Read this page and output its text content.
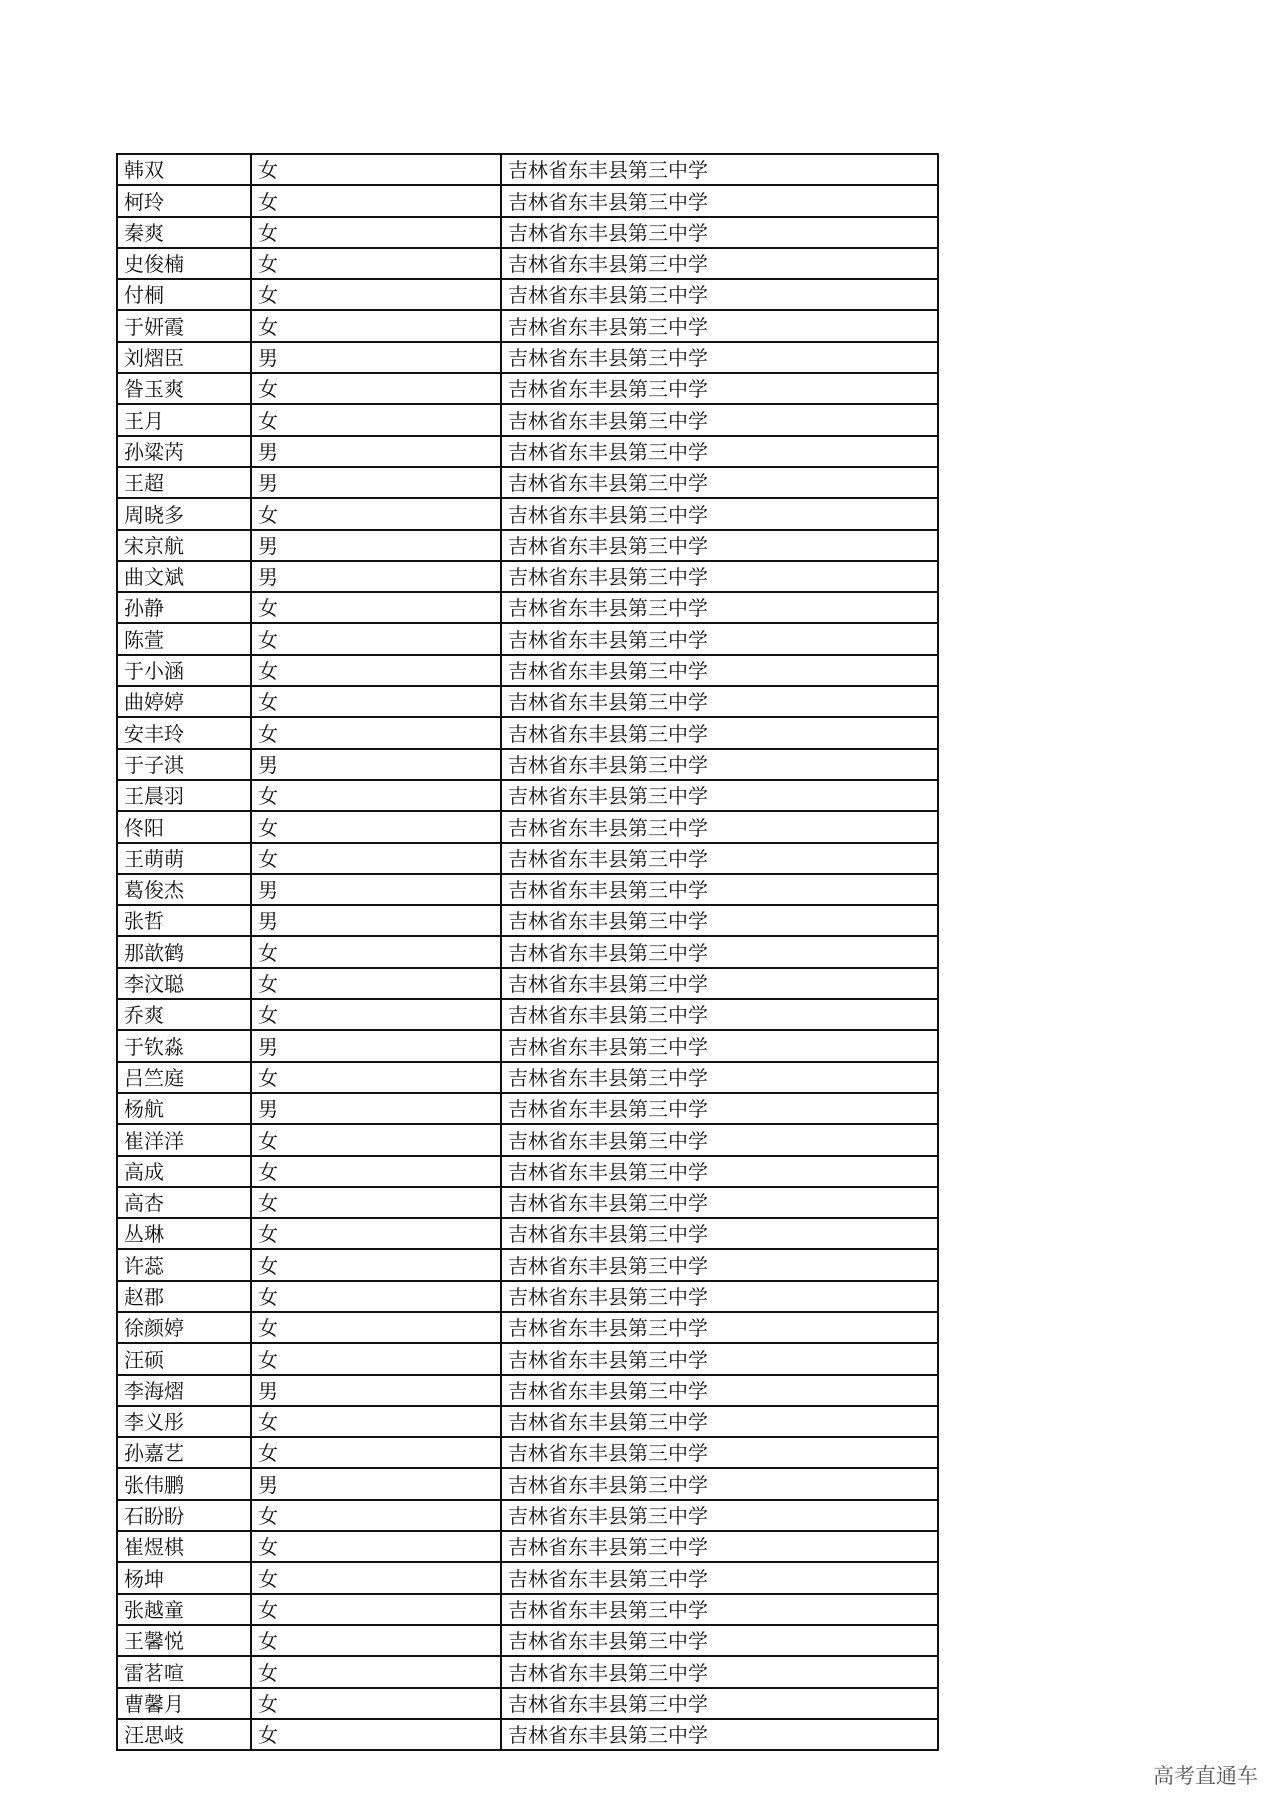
韩双	女	吉林省东丰县第三中学
柯玲	女	吉林省东丰县第三中学
秦爽	女	吉林省东丰县第三中学
史俊楠	女	吉林省东丰县第三中学
付桐	女	吉林省东丰县第三中学
于妍霞	女	吉林省东丰县第三中学
刘熠臣	男	吉林省东丰县第三中学
昝玉爽	女	吉林省东丰县第三中学
王月	女	吉林省东丰县第三中学
孙粱芮	男	吉林省东丰县第三中学
王超	男	吉林省东丰县第三中学
周晓多	女	吉林省东丰县第三中学
宋京航	男	吉林省东丰县第三中学
曲文斌	男	吉林省东丰县第三中学
孙静	女	吉林省东丰县第三中学
陈萱	女	吉林省东丰县第三中学
于小涵	女	吉林省东丰县第三中学
曲婷婷	女	吉林省东丰县第三中学
安丰玲	女	吉林省东丰县第三中学
于子淇	男	吉林省东丰县第三中学
王晨羽	女	吉林省东丰县第三中学
佟阳	女	吉林省东丰县第三中学
王萌萌	女	吉林省东丰县第三中学
葛俊杰	男	吉林省东丰县第三中学
张哲	男	吉林省东丰县第三中学
那歆鹤	女	吉林省东丰县第三中学
李汶聪	女	吉林省东丰县第三中学
乔爽	女	吉林省东丰县第三中学
于钦淼	男	吉林省东丰县第三中学
吕竺庭	女	吉林省东丰县第三中学
杨航	男	吉林省东丰县第三中学
崔洋洋	女	吉林省东丰县第三中学
高成	女	吉林省东丰县第三中学
高杏	女	吉林省东丰县第三中学
丛琳	女	吉林省东丰县第三中学
许蕊	女	吉林省东丰县第三中学
赵郡	女	吉林省东丰县第三中学
徐颜婷	女	吉林省东丰县第三中学
汪硕	女	吉林省东丰县第三中学
李海熠	男	吉林省东丰县第三中学
李义彤	女	吉林省东丰县第三中学
孙嘉艺	女	吉林省东丰县第三中学
张伟鹏	男	吉林省东丰县第三中学
石盼盼	女	吉林省东丰县第三中学
崔煜棋	女	吉林省东丰县第三中学
杨坤	女	吉林省东丰县第三中学
张越童	女	吉林省东丰县第三中学
王馨悦	女	吉林省东丰县第三中学
雷茗喧	女	吉林省东丰县第三中学
曹馨月	女	吉林省东丰县第三中学
汪思岐	女	吉林省东丰县第三中学
高考直通车
